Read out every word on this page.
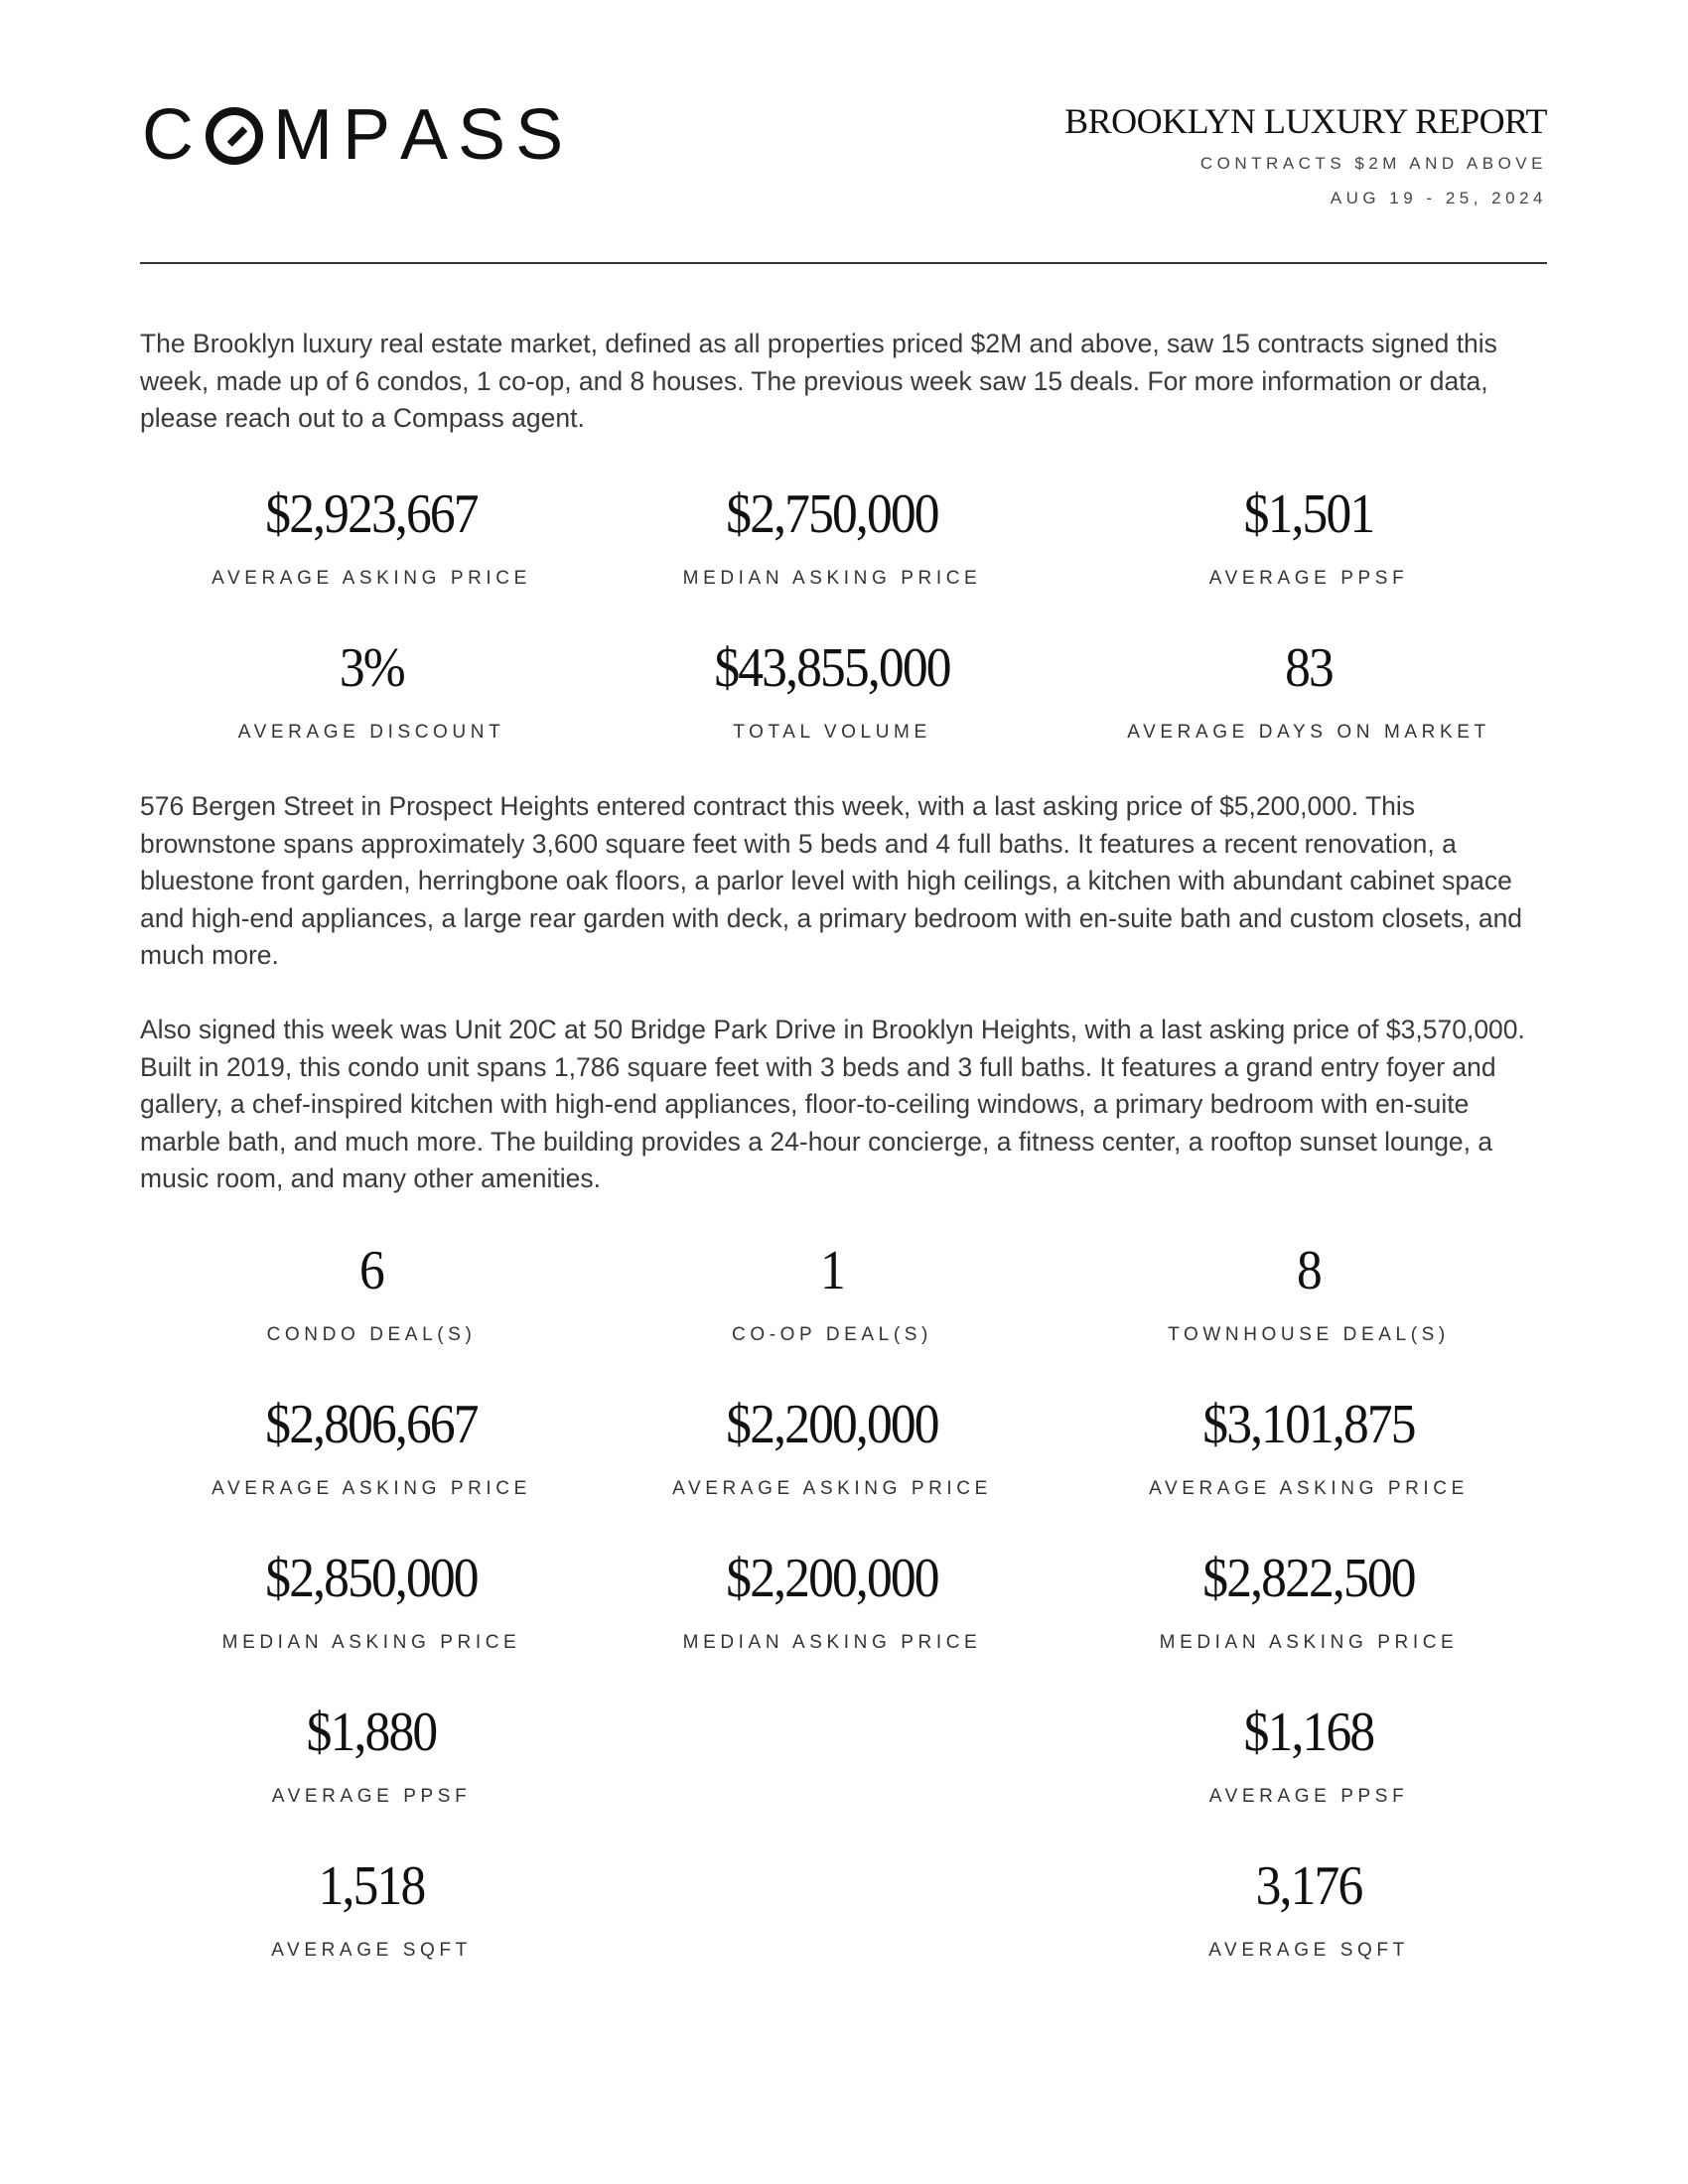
C M P A S S	BROOKLYN LUXURY REPORT
CONTRACTS $2M AND ABOVE
AUG 19 - 25, 2024

The Brooklyn luxury real estate market, defined as all properties priced $2M and above, saw 15 contracts signed this week, made up of 6 condos, 1 co-op, and 8 houses. The previous week saw 15 deals. For more information or data, please reach out to a Compass agent.

$2,923,667
AVERAGE ASKING PRICE
$2,750,000
MEDIAN ASKING PRICE
$1,501
AVERAGE PPSF
3%
AVERAGE DISCOUNT
$43,855,000
TOTAL VOLUME
83
AVERAGE DAYS ON MARKET

576 Bergen Street in Prospect Heights entered contract this week, with a last asking price of $5,200,000. This brownstone spans approximately 3,600 square feet with 5 beds and 4 full baths. It features a recent renovation, a bluestone front garden, herringbone oak floors, a parlor level with high ceilings, a kitchen with abundant cabinet space and high-end appliances, a large rear garden with deck, a primary bedroom with en-suite bath and custom closets, and much more.

Also signed this week was Unit 20C at 50 Bridge Park Drive in Brooklyn Heights, with a last asking price of $3,570,000. Built in 2019, this condo unit spans 1,786 square feet with 3 beds and 3 full baths. It features a grand entry foyer and gallery, a chef-inspired kitchen with high-end appliances, floor-to-ceiling windows, a primary bedroom with en-suite marble bath, and much more. The building provides a 24-hour concierge, a fitness center, a rooftop sunset lounge, a music room, and many other amenities.

6
CONDO DEAL(S)
$2,806,667
AVERAGE ASKING PRICE
$2,850,000
MEDIAN ASKING PRICE
$1,880
AVERAGE PPSF
1,518
AVERAGE SQFT
1
CO-OP DEAL(S)
$2,200,000
AVERAGE ASKING PRICE
$2,200,000
MEDIAN ASKING PRICE
8
TOWNHOUSE DEAL(S)
$3,101,875
AVERAGE ASKING PRICE
$2,822,500
MEDIAN ASKING PRICE
$1,168
AVERAGE PPSF
3,176
AVERAGE SQFT
